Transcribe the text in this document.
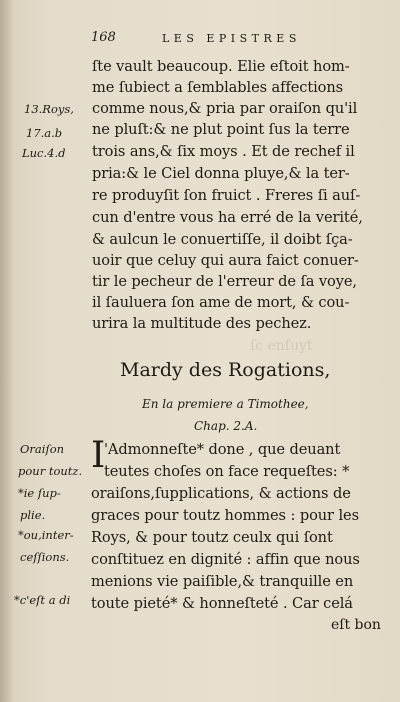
ſc enſuyt
168	LES EPISTRES
ſte vault beaucoup. Elie eſtoit hom-
me ſubiect a ſemblables affections
comme nous,& pria par oraiſon qu'il
ne pluſt:& ne plut point ſus la terre
trois ans,& ſix moys . Et de rechef il
pria:& le Ciel donna pluye,& la ter-
re produyſit ſon fruict . Freres ſi auſ-
cun d'entre vous ha erré de la verité,
& aulcun le conuertiſſe, il doibt ſça-
uoir que celuy qui aura faict conuer-
tir le pecheur de l'erreur de ſa voye,
il ſauluera ſon ame de mort, & cou-
urira la multitude des pechez.
13.Roys,
17.a.b
Luc.4.d
Mardy des Rogations,
En la premiere a Timothee,
Chap. 2.A.
I
'Admonneſte* done , que deuant
teutes choſes on face requeſtes: *
oraiſons,ſupplications, & actions de
graces pour toutz hommes : pour les
Roys, & pour toutz ceulx qui ſont
conſtituez en dignité : affin que nous
menions vie paiſible,& tranquille en
toute pieté* & honneſteté . Car celá
Oraiſon
pour toutz.
*ie ſup-
plie.
*ou,inter-
ceſſions.
*c'eſt a di
eſt bon
